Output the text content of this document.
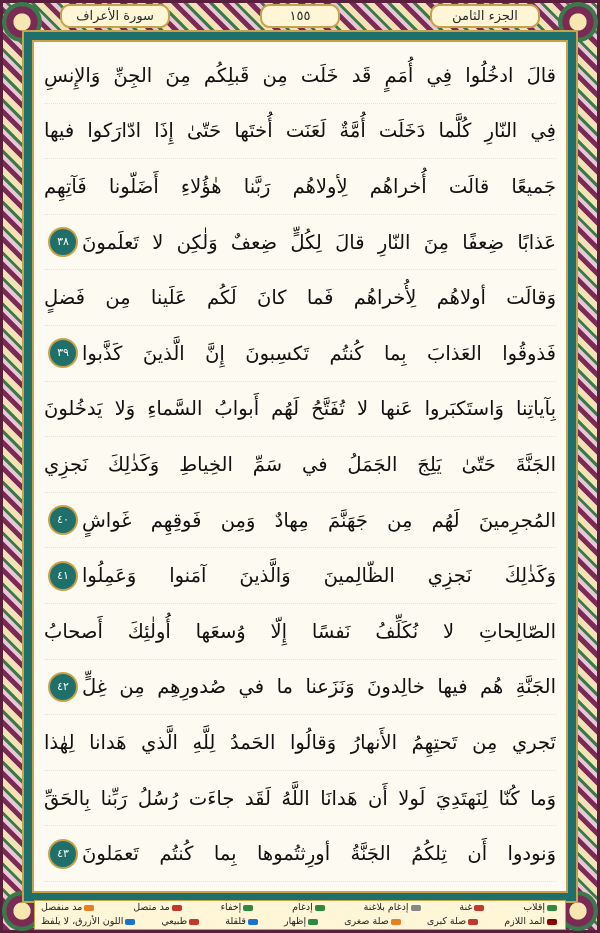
سورة الأعراف	١٥٥	الجزء الثامن
قالَ ادخُلُوا فِي أُمَمٍ قَد خَلَت مِن قَبلِكُم مِنَ الجِنِّ وَالإِنسِ
فِي النّارِ كُلَّما دَخَلَت أُمَّةٌ لَعَنَت أُختَها حَتّىٰ إِذَا ادّارَكوا فيها
جَميعًا قالَت أُخراهُم لِأولاهُم رَبَّنا هٰؤُلاءِ أَضَلّونا فَآتِهِم
عَذابًا ضِعفًا مِنَ النّارِ قالَ لِكُلٍّ ضِعفٌ وَلٰكِن لا تَعلَمونَ
٣٨
وَقالَت أولاهُم لِأُخراهُم فَما كانَ لَكُم عَلَينا مِن فَضلٍ
فَذوقُوا العَذابَ بِما كُنتُم تَكسِبونَ إِنَّ الَّذينَ كَذَّبوا
٣٩
بِآياتِنا وَاستَكبَروا عَنها لا تُفَتَّحُ لَهُم أَبوابُ السَّماءِ وَلا يَدخُلونَ
الجَنَّةَ حَتّىٰ يَلِجَ الجَمَلُ في سَمِّ الخِياطِ وَكَذٰلِكَ نَجزِي
المُجرِمينَ لَهُم مِن جَهَنَّمَ مِهادٌ وَمِن فَوقِهِم غَواشٍ
٤٠
وَكَذٰلِكَ نَجزِي الظّالِمينَ وَالَّذينَ آمَنوا وَعَمِلُوا
٤١
الصّالِحاتِ لا نُكَلِّفُ نَفسًا إِلّا وُسعَها أُولٰئِكَ أَصحابُ
الجَنَّةِ هُم فيها خالِدونَ وَنَزَعنا ما في صُدورِهِم مِن غِلٍّ
٤٢
تَجري مِن تَحتِهِمُ الأَنهارُ وَقالُوا الحَمدُ لِلَّهِ الَّذي هَدانا لِهٰذا
وَما كُنّا لِنَهتَدِيَ لَولا أَن هَدانَا اللَّهُ لَقَد جاءَت رُسُلُ رَبِّنا بِالحَقِّ
وَنودوا أَن تِلكُمُ الجَنَّةُ أورِثتُموها بِما كُنتُم تَعمَلونَ
٤٣
إقلاب
غنة
إدغام بلاغنة
إدغام
إخفاء
مد متصل
مد منفصل
المد اللازم
صلة كبرى
صلة صغرى
إظهار
قلقلة
طبيعي
اللون الأزرق، لا يلفظ
